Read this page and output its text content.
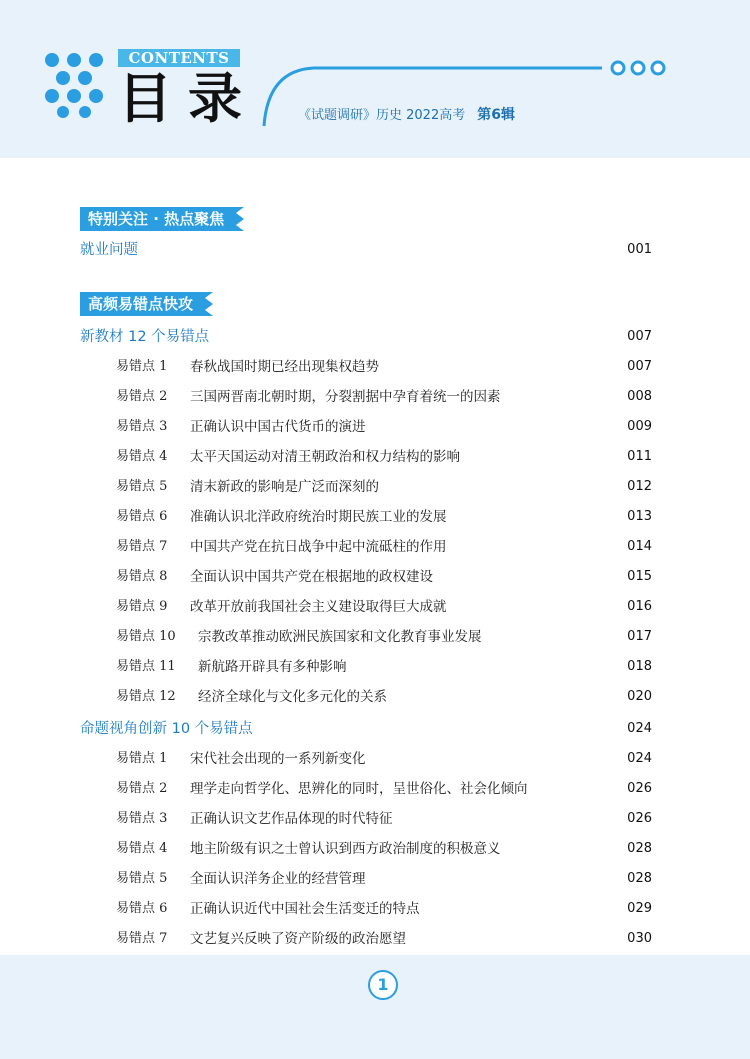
CONTENTS
目录	《试题调研》历史 2022高考 第6辑
特别关注 · 热点聚焦
就业问题	001
高频易错点快攻
新教材 12 个易错点	007
易错点 1 春秋战国时期已经出现集权趋势	007
易错点 2 三国两晋南北朝时期，分裂割据中孕育着统一的因素	008
易错点 3 正确认识中国古代货币的演进	009
易错点 4 太平天国运动对清王朝政治和权力结构的影响	011
易错点 5 清末新政的影响是广泛而深刻的	012
易错点 6 准确认识北洋政府统治时期民族工业的发展	013
易错点 7 中国共产党在抗日战争中起中流砥柱的作用	014
易错点 8 全面认识中国共产党在根据地的政权建设	015
易错点 9 改革开放前我国社会主义建设取得巨大成就	016
易错点 10 宗教改革推动欧洲民族国家和文化教育事业发展	017
易错点 11 新航路开辟具有多种影响	018
易错点 12 经济全球化与文化多元化的关系	020
命题视角创新 10 个易错点	024
易错点 1 宋代社会出现的一系列新变化	024
易错点 2 理学走向哲学化、思辨化的同时，呈世俗化、社会化倾向	026
易错点 3 正确认识文艺作品体现的时代特征	026
易错点 4 地主阶级有识之士曾认识到西方政治制度的积极意义	028
易错点 5 全面认识洋务企业的经营管理	028
易错点 6 正确认识近代中国社会生活变迁的特点	029
易错点 7 文艺复兴反映了资产阶级的政治愿望	030
1
